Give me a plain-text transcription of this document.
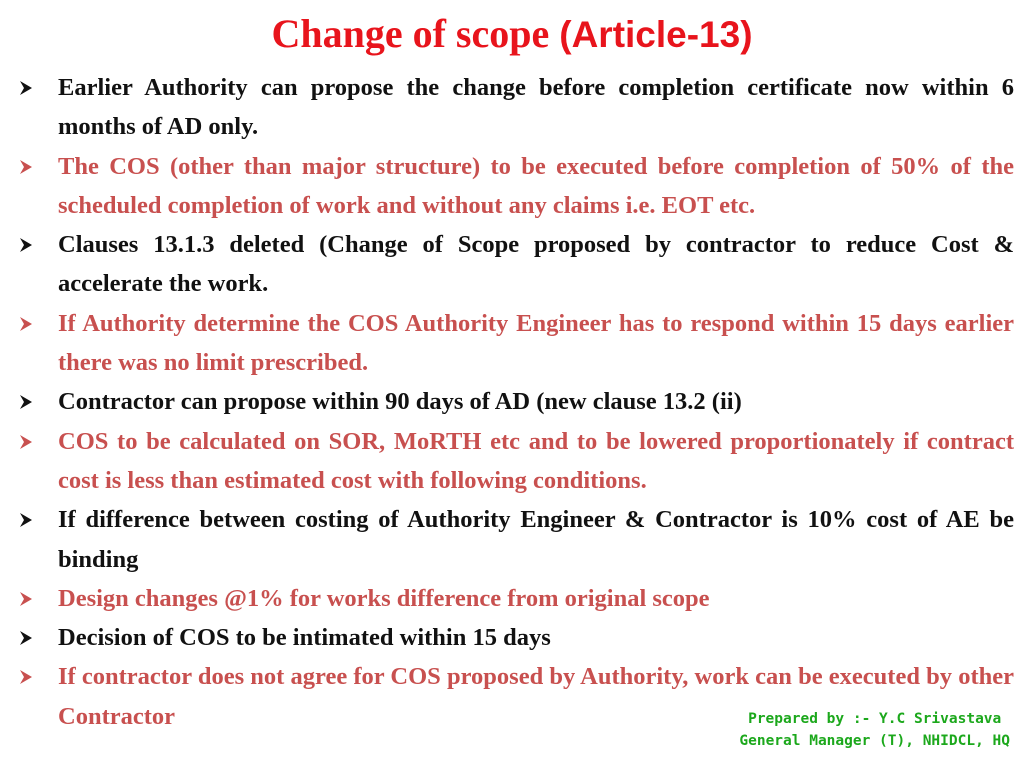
Change of scope (Article-13)
Earlier Authority can propose the change before completion certificate now within 6 months of AD only.
The COS (other than major structure) to be executed before completion of 50% of the scheduled completion of work and without any claims i.e. EOT etc.
Clauses 13.1.3 deleted (Change of Scope proposed by contractor to reduce Cost & accelerate the work.
If Authority determine the COS Authority Engineer has to respond within 15 days earlier there was no limit prescribed.
Contractor can propose within 90 days of AD (new clause 13.2 (ii)
COS to be calculated on SOR, MoRTH etc and to be lowered proportionately if contract cost is less than estimated cost with following conditions.
If difference between costing of Authority Engineer & Contractor is 10% cost of AE be binding
Design changes @1% for works difference from original scope
Decision of COS to be intimated within 15 days
If contractor does not agree for COS proposed by Authority, work can be executed by other Contractor	Prepared by :- Y.C Srivastava
General Manager (T), NHIDCL, HQ
